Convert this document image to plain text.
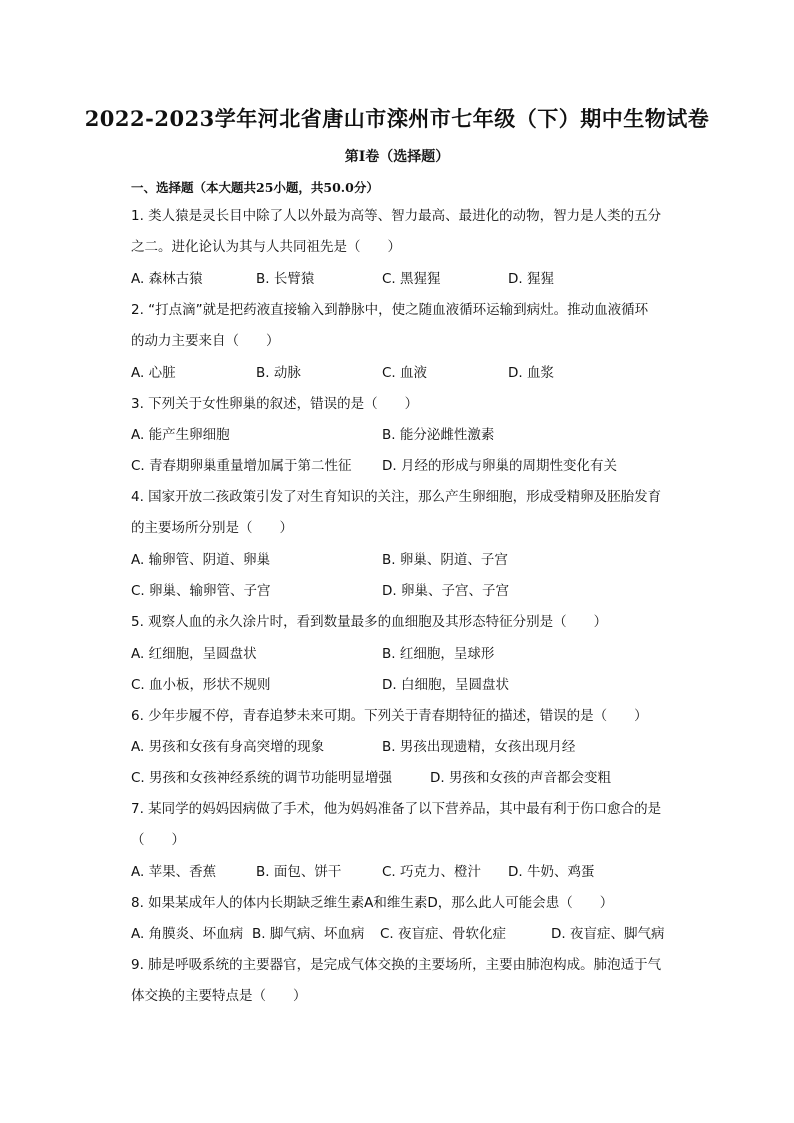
2022-2023学年河北省唐山市滦州市七年级（下）期中生物试卷
第I卷（选择题）
一、选择题（本大题共25小题，共50.0分）
1. 类人猿是灵长目中除了人以外最为高等、智力最高、最进化的动物，智力是人类的五分
之二。进化论认为其与人共同祖先是（　　）
A. 森林古猿	B. 长臂猿	C. 黑猩猩	D. 猩猩
2. “打点滴”就是把药液直接输入到静脉中，使之随血液循环运输到病灶。推动血液循环
的动力主要来自（　　）
A. 心脏	B. 动脉	C. 血液	D. 血浆
3. 下列关于女性卵巢的叙述，错误的是（　　）
A. 能产生卵细胞	B. 能分泌雌性激素
C. 青春期卵巢重量增加属于第二性征 D. 月经的形成与卵巢的周期性变化有关
4. 国家开放二孩政策引发了对生育知识的关注，那么产生卵细胞，形成受精卵及胚胎发育
的主要场所分别是（　　）
A. 输卵管、阴道、卵巢	B. 卵巢、阴道、子宫
C. 卵巢、输卵管、子宫	D. 卵巢、子宫、子宫
5. 观察人血的永久涂片时，看到数量最多的血细胞及其形态特征分别是（　　）
A. 红细胞，呈圆盘状	B. 红细胞，呈球形
C. 血小板，形状不规则	D. 白细胞，呈圆盘状
6. 少年步履不停，青春追梦未来可期。下列关于青春期特征的描述，错误的是（　　）
A. 男孩和女孩有身高突增的现象	B. 男孩出现遗精，女孩出现月经
C. 男孩和女孩神经系统的调节功能明显增强	D. 男孩和女孩的声音都会变粗
7. 某同学的妈妈因病做了手术，他为妈妈准备了以下营养品，其中最有利于伤口愈合的是
（　　）
A. 苹果、香蕉	B. 面包、饼干	C. 巧克力、橙汁 D. 牛奶、鸡蛋
8. 如果某成年人的体内长期缺乏维生素A和维生素D，那么此人可能会患（　　）
A. 角膜炎、坏血病 B. 脚气病、坏血病 C. 夜盲症、骨软化症	D. 夜盲症、脚气病
9. 肺是呼吸系统的主要器官，是完成气体交换的主要场所，主要由肺泡构成。肺泡适于气
体交换的主要特点是（　　）
